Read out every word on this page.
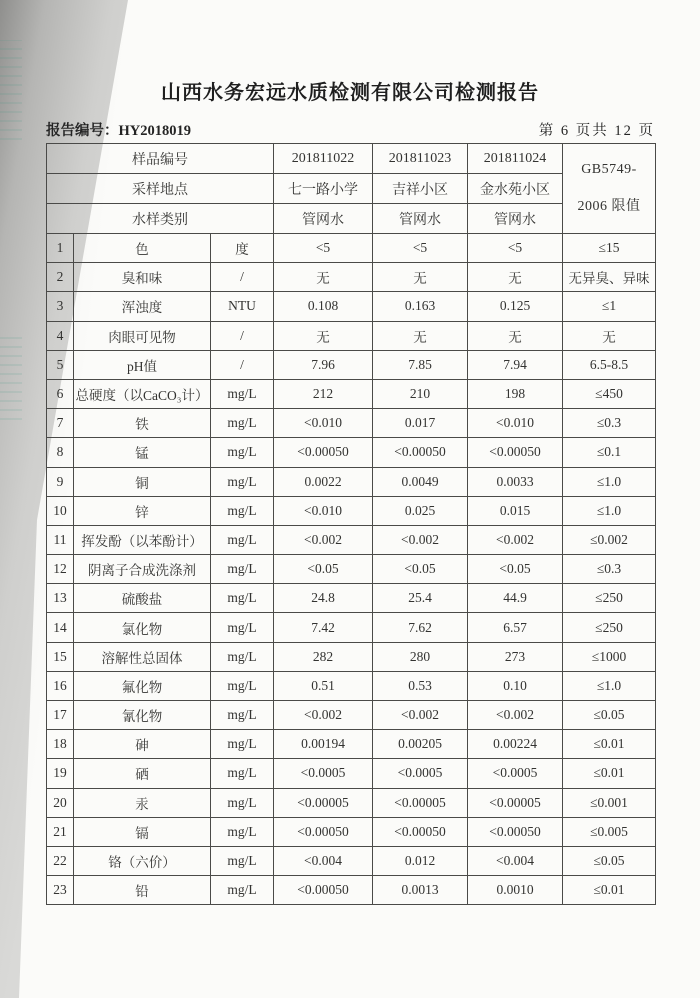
山西水务宏远水质检测有限公司检测报告
报告编号：HY2018019	第 6 页共 12 页
样品编号			201811022	201811023	201811024	GB5749-
2006 限值

采样地点			七一路小学	吉祥小区	金水苑小区	
水样类别			管网水	管网水	管网水	
1	色	度	<5	<5	<5	≤15
2	臭和味	/	无	无	无	无异臭、异味
3	浑浊度	NTU	0.108	0.163	0.125	≤1
4	肉眼可见物	/	无	无	无	无
5	pH值	/	7.96	7.85	7.94	6.5-8.5
6	总硬度（以CaCO₃计）	mg/L	212	210	198	≤450
7	铁	mg/L	<0.010	0.017	<0.010	≤0.3
8	锰	mg/L	<0.00050	<0.00050	<0.00050	≤0.1
9	铜	mg/L	0.0022	0.0049	0.0033	≤1.0
10	锌	mg/L	<0.010	0.025	0.015	≤1.0
11	挥发酚（以苯酚计）	mg/L	<0.002	<0.002	<0.002	≤0.002
12	阴离子合成洗涤剂	mg/L	<0.05	<0.05	<0.05	≤0.3
13	硫酸盐	mg/L	24.8	25.4	44.9	≤250
14	氯化物	mg/L	7.42	7.62	6.57	≤250
15	溶解性总固体	mg/L	282	280	273	≤1000
16	氟化物	mg/L	0.51	0.53	0.10	≤1.0
17	氰化物	mg/L	<0.002	<0.002	<0.002	≤0.05
18	砷	mg/L	0.00194	0.00205	0.00224	≤0.01
19	硒	mg/L	<0.0005	<0.0005	<0.0005	≤0.01
20	汞	mg/L	<0.00005	<0.00005	<0.00005	≤0.001
21	镉	mg/L	<0.00050	<0.00050	<0.00050	≤0.005
22	铬（六价）	mg/L	<0.004	0.012	<0.004	≤0.05
23	铅	mg/L	<0.00050	0.0013	0.0010	≤0.01
